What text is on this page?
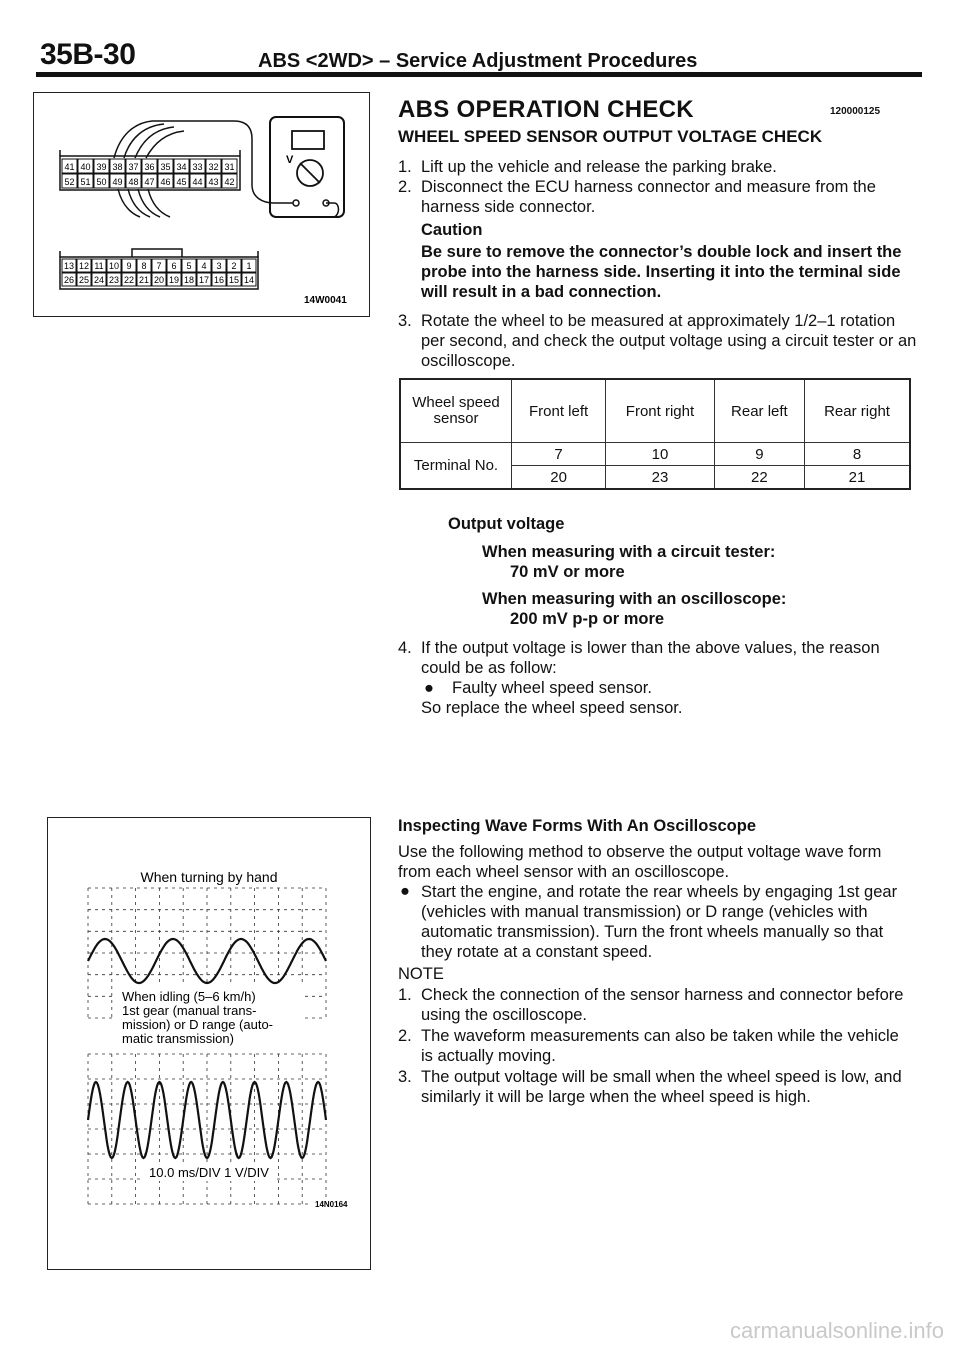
35B-30	ABS <2WD> – Service Adjustment Procedures
41 40 39 38 37 36 35 34 33 32 31
52 51 50 49 48 47 46 45 44 43 42
13 12 11 10 9 8 7 6 5 4 3 2 1
26 25 24 23 22 21 20 19 18 17 16 15 14
V
14W0041
When turning by hand
When idling (5–6 km/h)
1st gear (manual trans-
mission) or D range (auto-
matic transmission)
10.0 ms/DIV 1 V/DIV
14N0164
ABS OPERATION CHECK	120000125
WHEEL SPEED SENSOR OUTPUT VOLTAGE CHECK
1. Lift up the vehicle and release the parking brake.
2. Disconnect the ECU harness connector and measure from the harness side connector.
Caution
Be sure to remove the connector’s double lock and insert the probe into the harness side. Inserting it into the terminal side will result in a bad connection.
3. Rotate the wheel to be measured at approximately 1/2–1 rotation per second, and check the output voltage using a circuit tester or an oscilloscope.
Wheel speed sensor	Front left	Front right	Rear left	Rear right
Terminal No.	7	10	9	8
	20	23	22	21
Output voltage
When measuring with a circuit tester:
70 mV or more
When measuring with an oscilloscope:
200 mV p-p or more
4. If the output voltage is lower than the above values, the reason could be as follow:
● Faulty wheel speed sensor.
So replace the wheel speed sensor.
Inspecting Wave Forms With An Oscilloscope
Use the following method to observe the output voltage wave form from each wheel sensor with an oscilloscope.
● Start the engine, and rotate the rear wheels by engaging 1st gear (vehicles with manual transmission) or D range (vehicles with automatic transmission). Turn the front wheels manually so that they rotate at a constant speed.
NOTE
1. Check the connection of the sensor harness and connector before using the oscilloscope.
2. The waveform measurements can also be taken while the vehicle is actually moving.
3. The output voltage will be small when the wheel speed is low, and similarly it will be large when the wheel speed is high.
carmanualsonline.info
